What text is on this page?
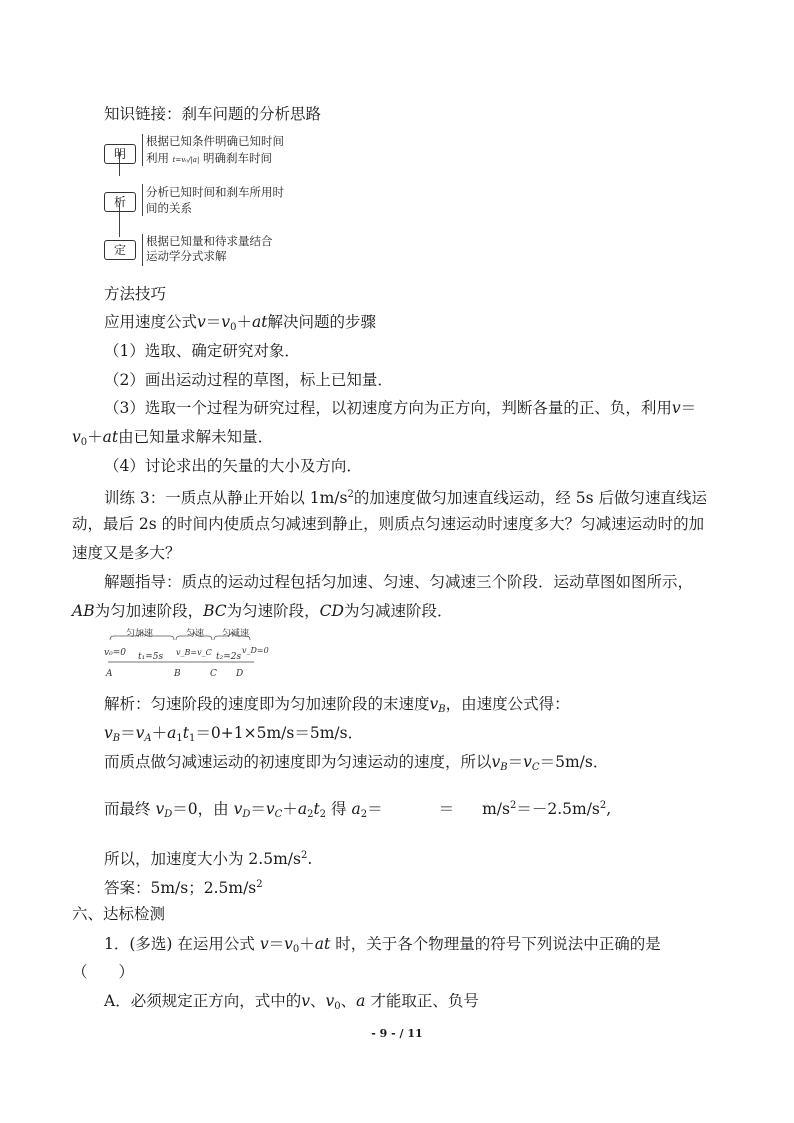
知识链接：刹车问题的分析思路
明
根据已知条件明确已知时间
利用 t=v₀/|a| 明确刹车时间
析
分析已知时间和刹车所用时
间的关系
定
根据已知量和待求量结合
运动学分式求解
方法技巧
应用速度公式$v=v_0+at$解决问题的步骤
（1）选取、确定研究对象．
（2）画出运动过程的草图，标上已知量．
（3）选取一个过程为研究过程，以初速度方向为正方向，判断各量的正、负，利用v＝
$v_0+at$由已知量求解未知量．
（4）讨论求出的矢量的大小及方向．
训练 3：一质点从静止开始以 $1m/s^2$的加速度做匀加速直线运动，经 5s 后做匀速直线运
动，最后 2s 的时间内使质点匀减速到静止，则质点匀速运动时速度多大？匀减速运动时的加
速度又是多大？
解题指导：质点的运动过程包括匀加速、匀速、匀减速三个阶段．运动草图如图所示，
AB为匀加速阶段，BC为匀速阶段，CD为匀减速阶段．
匀加速	匀速 匀减速
v₀=0 t₁=5s v_B=v_C t₂=2s
v_D=0
A	B	C D
解析：匀速阶段的速度即为匀加速阶段的末速度$v_B$，由速度公式得：
$v_B=v_A+a_1t_1=0+1\times 5m/s=5m/s$．
而质点做匀减速运动的初速度即为匀速运动的速度，所以$v_B=v_C=5m/s$．
而最终 $v_D=0$，由 $v_D=v_C+a_2t_2$ 得 $a_2=$	＝ $m/s^2=-2.5m/s^2$,
所以，加速度大小为 $2.5m/s^2$.
答案：5m/s；$2.5m/s^2$
六、达标检测
1．(多选) 在运用公式 $v=v_0+at$ 时，关于各个物理量的符号下列说法中正确的是
（　　）
A．必须规定正方向，式中的v、$v_0$、a 才能取正、负号
- 9 - / 11
